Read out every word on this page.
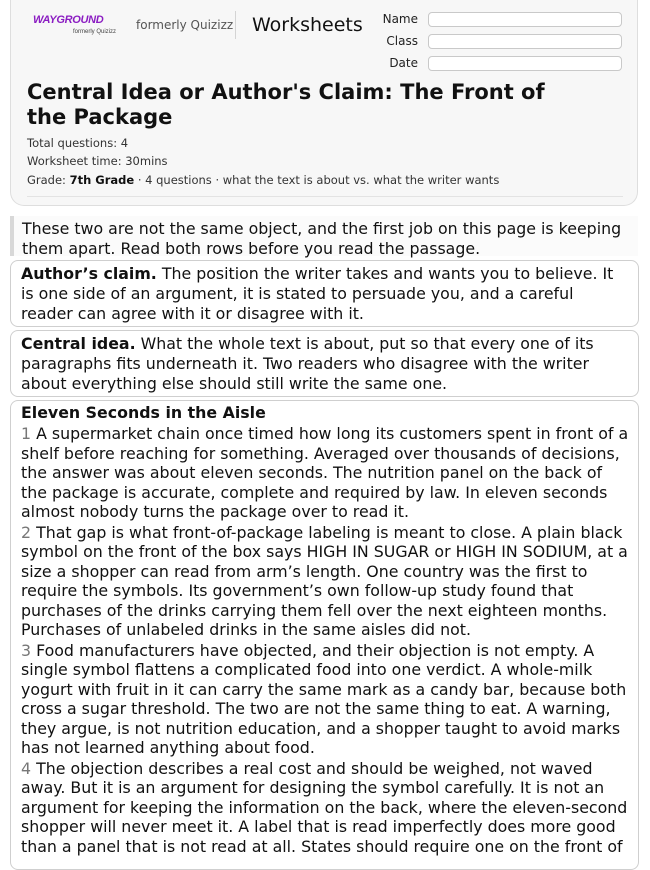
WAYGROUND
formerly Quizizz formerly Quizizz Worksheets	Name
Class
Date
Central Idea or Author's Claim: The Front of the Package
Total questions: 4
Worksheet time: 30mins
Grade: 7th Grade · 4 questions · what the text is about vs. what the writer wants
These two are not the same object, and the first job on this page is keeping them apart. Read both rows before you read the passage.
Author’s claim. The position the writer takes and wants you to believe. It is one side of an argument, it is stated to persuade you, and a careful reader can agree with it or disagree with it.
Central idea. What the whole text is about, put so that every one of its paragraphs fits underneath it. Two readers who disagree with the writer about everything else should still write the same one.
Eleven Seconds in the Aisle

1 A supermarket chain once timed how long its customers spent in front of a shelf before reaching for something. Averaged over thousands of decisions, the answer was about eleven seconds. The nutrition panel on the back of the package is accurate, complete and required by law. In eleven seconds almost nobody turns the package over to read it.

2 That gap is what front-of-package labeling is meant to close. A plain black symbol on the front of the box says HIGH IN SUGAR or HIGH IN SODIUM, at a size a shopper can read from arm’s length. One country was the first to require the symbols. Its government’s own follow-up study found that purchases of the drinks carrying them fell over the next eighteen months. Purchases of unlabeled drinks in the same aisles did not.

3 Food manufacturers have objected, and their objection is not empty. A single symbol flattens a complicated food into one verdict. A whole-milk yogurt with fruit in it can carry the same mark as a candy bar, because both cross a sugar threshold. The two are not the same thing to eat. A warning, they argue, is not nutrition education, and a shopper taught to avoid marks has not learned anything about food.

4 The objection describes a real cost and should be weighed, not waved away. But it is an argument for designing the symbol carefully. It is not an argument for keeping the information on the back, where the eleven-second shopper will never meet it. A label that is read imperfectly does more good than a panel that is not read at all. States should require one on the front of
